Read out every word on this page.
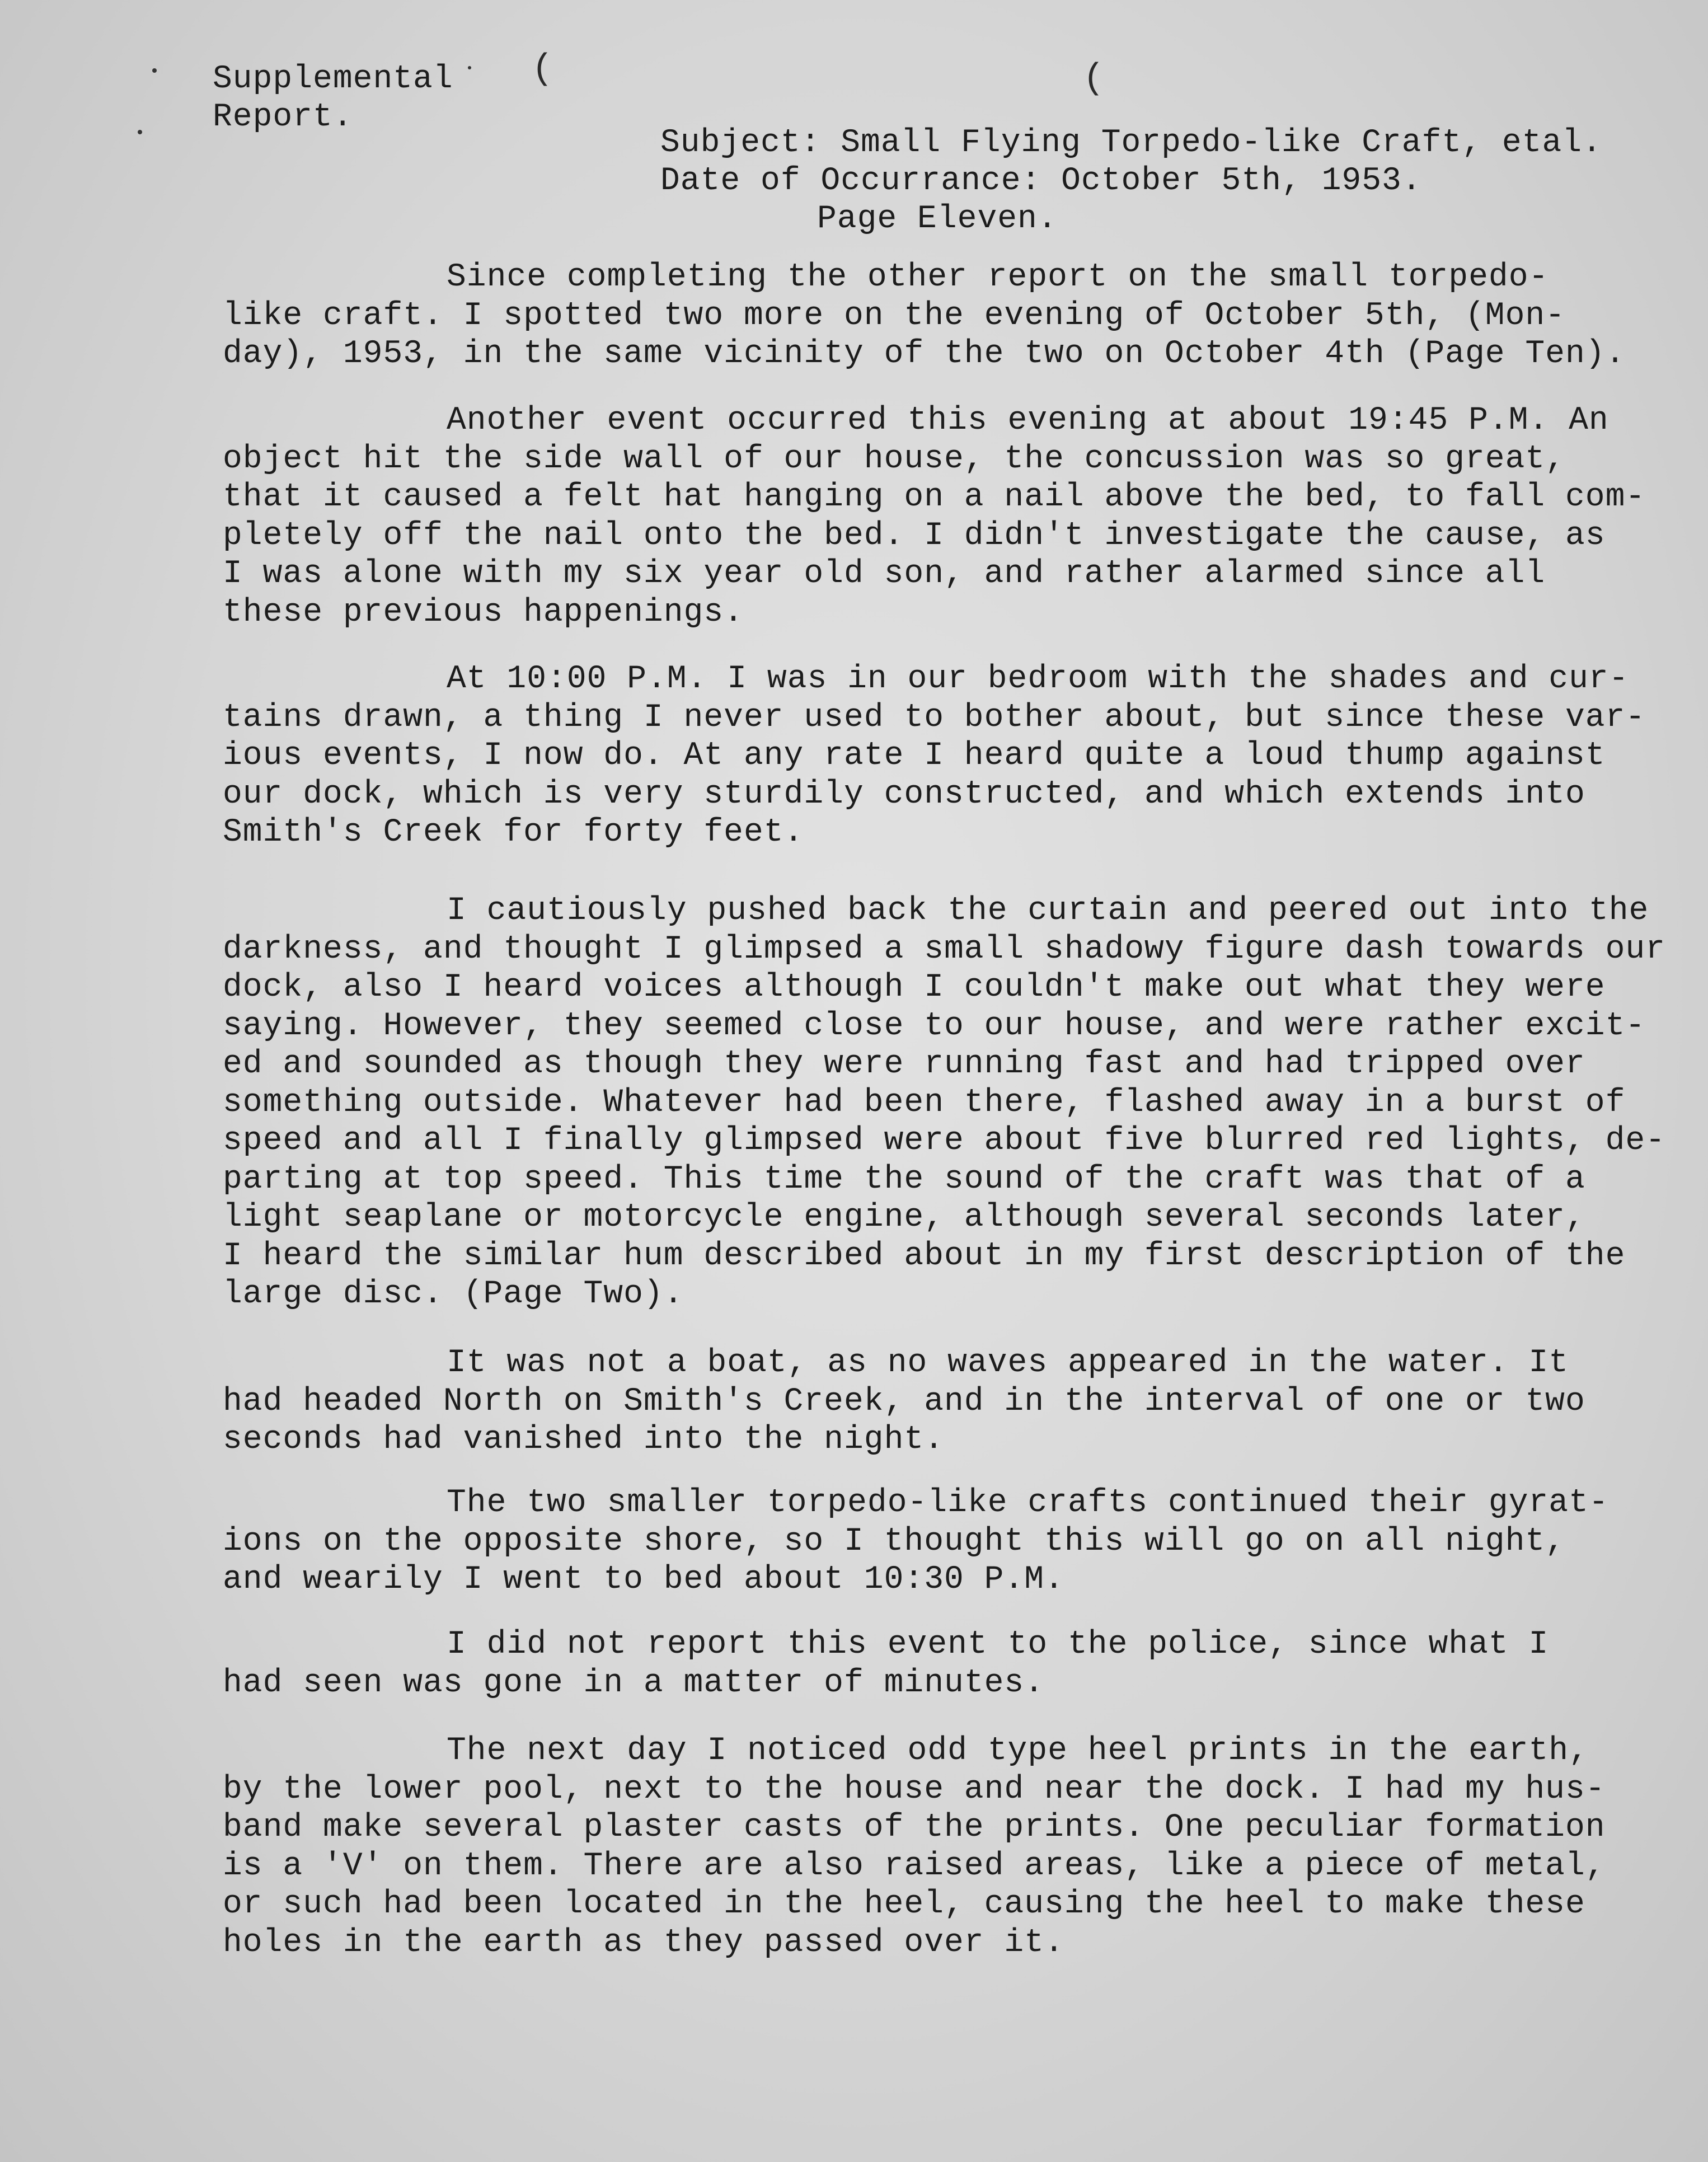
Supplemental
Report.
(	(
Subject: Small Flying Torpedo-like Craft, etal.
Date of Occurrance: October 5th, 1953.
Page Eleven.
Since completing the other report on the small torpedo-
like craft. I spotted two more on the evening of October 5th, (Mon-
day), 1953, in the same vicinity of the two on October 4th (Page Ten).
Another event occurred this evening at about 19:45 P.M. An
object hit the side wall of our house, the concussion was so great,
that it caused a felt hat hanging on a nail above the bed, to fall com-
pletely off the nail onto the bed. I didn't investigate the cause, as
I was alone with my six year old son, and rather alarmed since all
these previous happenings.
At 10:00 P.M. I was in our bedroom with the shades and cur-
tains drawn, a thing I never used to bother about, but since these var-
ious events, I now do. At any rate I heard quite a loud thump against
our dock, which is very sturdily constructed, and which extends into
Smith's Creek for forty feet.
I cautiously pushed back the curtain and peered out into the
darkness, and thought I glimpsed a small shadowy figure dash towards our
dock, also I heard voices although I couldn't make out what they were
saying. However, they seemed close to our house, and were rather excit-
ed and sounded as though they were running fast and had tripped over
something outside. Whatever had been there, flashed away in a burst of
speed and all I finally glimpsed were about five blurred red lights, de-
parting at top speed. This time the sound of the craft was that of a
light seaplane or motorcycle engine, although several seconds later,
I heard the similar hum described about in my first description of the
large disc. (Page Two).
It was not a boat, as no waves appeared in the water. It
had headed North on Smith's Creek, and in the interval of one or two
seconds had vanished into the night.
The two smaller torpedo-like crafts continued their gyrat-
ions on the opposite shore, so I thought this will go on all night,
and wearily I went to bed about 10:30 P.M.
I did not report this event to the police, since what I
had seen was gone in a matter of minutes.
The next day I noticed odd type heel prints in the earth,
by the lower pool, next to the house and near the dock. I had my hus-
band make several plaster casts of the prints. One peculiar formation
is a 'V' on them. There are also raised areas, like a piece of metal,
or such had been located in the heel, causing the heel to make these
holes in the earth as they passed over it.
